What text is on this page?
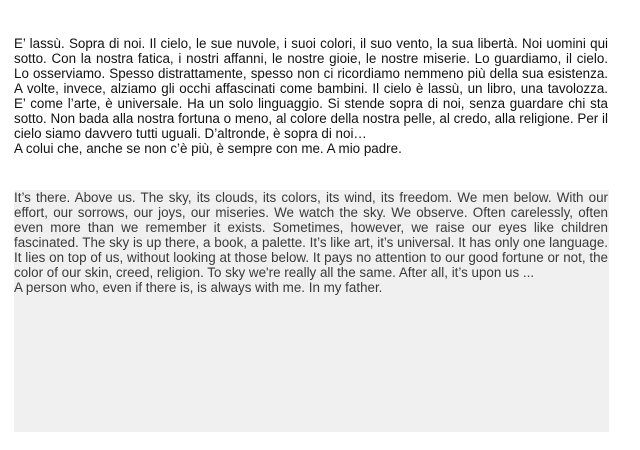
E’ lassù. Sopra di noi. Il cielo, le sue nuvole, i suoi colori, il suo vento, la sua libertà. Noi uomini qui sotto. Con la nostra fatica, i nostri affanni, le nostre gioie, le nostre miserie. Lo guardiamo, il cielo. Lo osserviamo. Spesso distrattamente, spesso non ci ricordiamo nemmeno più della sua esistenza. A volte, invece, alziamo gli occhi affascinati come bambini. Il cielo è lassù, un libro, una tavolozza. E’ come l’arte, è universale. Ha un solo linguaggio. Si stende sopra di noi, senza guardare chi sta sotto. Non bada alla nostra fortuna o meno, al colore della nostra pelle, al credo, alla religione. Per il cielo siamo davvero tutti uguali. D’altronde, è sopra di noi…

A colui che, anche se non c’è più, è sempre con me. A mio padre.

It’s there. Above us. The sky, its clouds, its colors, its wind, its freedom. We men below. With our effort, our sorrows, our joys, our miseries. We watch the sky. We observe. Often carelessly, often even more than we remember it exists. Sometimes, however, we raise our eyes like children fascinated. The sky is up there, a book, a palette. It’s like art, it’s universal. It has only one language. It lies on top of us, without looking at those below. It pays no attention to our good fortune or not, the color of our skin, creed, religion. To sky we're really all the same. After all, it’s upon us ...

A person who, even if there is, is always with me. In my father.
